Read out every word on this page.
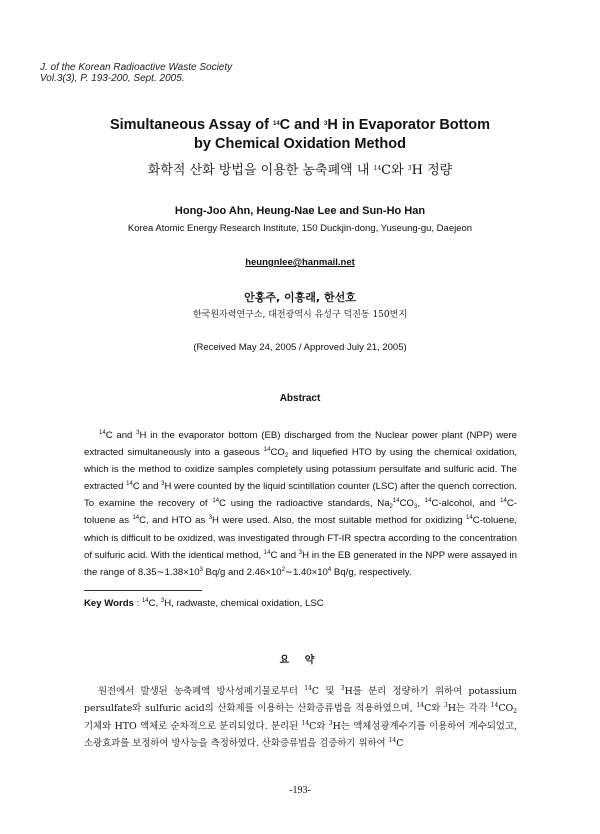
J. of the Korean Radioactive Waste Society
Vol.3(3), P. 193-200, Sept. 2005.
Simultaneous Assay of $^{14}$C and $^3$H in Evaporator Bottom
by Chemical Oxidation Method
화학적 산화 방법을 이용한 농축폐액 내 $^{14}$C와 $^3$H 정량
Hong-Joo Ahn, Heung-Nae Lee and Sun-Ho Han
Korea Atomic Energy Research Institute, 150 Duckjin-dong, Yuseung-gu, Daejeon
heungnlee@hanmail.net
안홍주, 이흥래, 한선호
한국원자력연구소, 대전광역시 유성구 덕진동 150번지
(Received May 24, 2005 / Approved July 21, 2005)
Abstract
$^{14}$C and $^3$H in the evaporator bottom (EB) discharged from the Nuclear power plant (NPP) were extracted simultaneously into a gaseous $^{14}CO_2$ and liquefied HTO by using the chemical oxidation, which is the method to oxidize samples completely using potassium persulfate and sulfuric acid. The extracted $^{14}$C and $^3$H were counted by the liquid scintillation counter (LSC) after the quench correction. To examine the recovery of $^{14}$C using the radioactive standards, $Na_2^{14}CO_3$, $^{14}$C-alcohol, and $^{14}$C-toluene as $^{14}$C, and HTO as $^3$H were used. Also, the most suitable method for oxidizing $^{14}$C-toluene, which is difficult to be oxidized, was investigated through FT-IR spectra according to the concentration of sulfuric acid. With the identical method, $^{14}$C and $^3$H in the EB generated in the NPP were assayed in the range of $8.35\sim 1.38\times 10^3$ Bq/g and $2.46\times 10^2\sim 1.40\times 10^4$ Bq/g, respectively.
Key Words : $^{14}$C, $^3$H, radwaste, chemical oxidation, LSC
요 약
원전에서 발생된 농축폐액 방사성폐기물로부터 $^{14}$C 및 $^3$H를 분리 정량하기 위하여 potassium persulfate와 sulfuric acid의 산화제를 이용하는 산화증류법을 적용하였으며, $^{14}$C와 $^3$H는 각각 $^{14}CO_2$ 기체와 HTO 액체로 순차적으로 분리되었다. 분리된 $^{14}$C와 $^3$H는 액체섬광계수기를 이용하여 계수되었고, 소광효과를 보정하여 방사능을 측정하였다. 산화증류법을 검증하기 위하여 $^{14}$C
-193-
